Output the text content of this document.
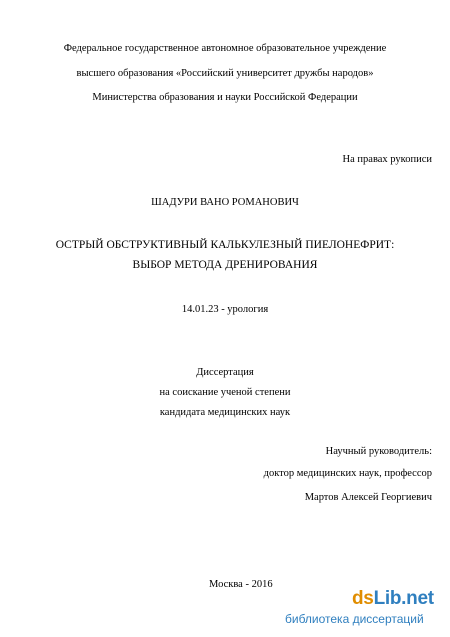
Федеральное государственное автономное образовательное учреждение
высшего образования «Российский университет дружбы народов»
Министерства образования и науки Российской Федерации
На правах рукописи
ШАДУРИ ВАНО РОМАНОВИЧ
ОСТРЫЙ ОБСТРУКТИВНЫЙ КАЛЬКУЛЕЗНЫЙ ПИЕЛОНЕФРИТ:
ВЫБОР МЕТОДА ДРЕНИРОВАНИЯ
14.01.23 - урология
Диссертация
на соискание ученой степени
кандидата медицинских наук
Научный руководитель:
доктор медицинских наук, профессор
Мартов Алексей Георгиевич
Москва - 2016
dsLib.net
библиотека диссертаций
